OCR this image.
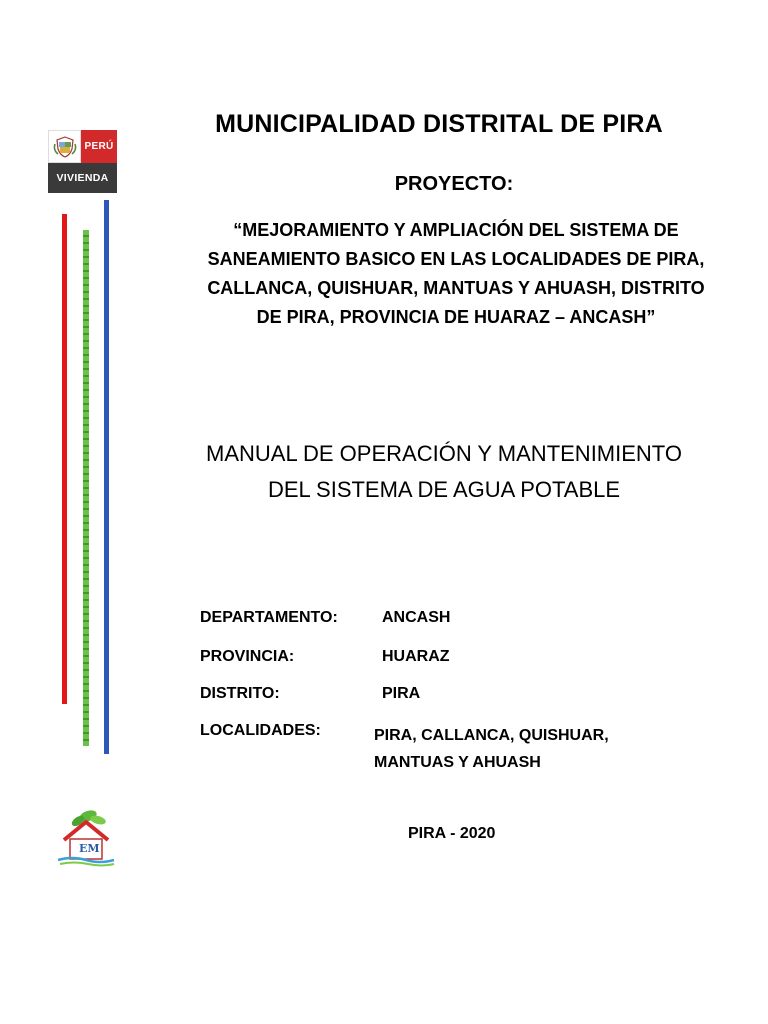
PERÚ
VIVIENDA
MUNICIPALIDAD DISTRITAL DE PIRA
PROYECTO:
“MEJORAMIENTO Y AMPLIACIÓN DEL SISTEMA DE SANEAMIENTO BASICO EN LAS LOCALIDADES DE PIRA, CALLANCA, QUISHUAR, MANTUAS Y AHUASH, DISTRITO DE PIRA, PROVINCIA DE HUARAZ – ANCASH”
MANUAL DE OPERACIÓN Y MANTENIMIENTO DEL SISTEMA DE AGUA POTABLE
DEPARTAMENTO:	ANCASH
PROVINCIA:	HUARAZ
DISTRITO:	PIRA
LOCALIDADES:	PIRA, CALLANCA, QUISHUAR, MANTUAS Y AHUASH
EM
PIRA - 2020
